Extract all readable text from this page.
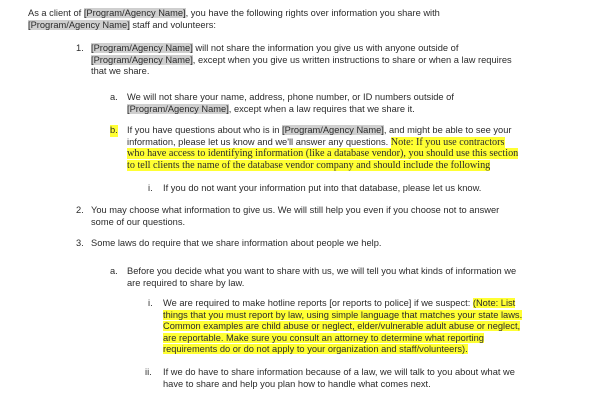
As a client of [Program/Agency Name], you have the following rights over information you share with

[Program/Agency Name] staff and volunteers:

1. [Program/Agency Name] will not share the information you give us with anyone outside of

[Program/Agency Name], except when you give us written instructions to share or when a law requires

that we share.

a. We will not share your name, address, phone number, or ID numbers outside of

[Program/Agency Name], except when a law requires that we share it.

b. If you have questions about who is in [Program/Agency Name], and might be able to see your

information, please let us know and we'll answer any questions. Note: If you use contractors

who have access to identifying information (like a database vendor), you should use this section

to tell clients the name of the database vendor company and should include the following

i. If you do not want your information put into that database, please let us know.

2. You may choose what information to give us. We will still help you even if you choose not to answer

some of our questions.

3. Some laws do require that we share information about people we help.

a. Before you decide what you want to share with us, we will tell you what kinds of information we

are required to share by law.

i. We are required to make hotline reports [or reports to police] if we suspect: (Note: List

things that you must report by law, using simple language that matches your state laws.

Common examples are child abuse or neglect, elder/vulnerable adult abuse or neglect,

are reportable. Make sure you consult an attorney to determine what reporting

requirements do or do not apply to your organization and staff/volunteers).

ii. If we do have to share information because of a law, we will talk to you about what we

have to share and help you plan how to handle what comes next.
